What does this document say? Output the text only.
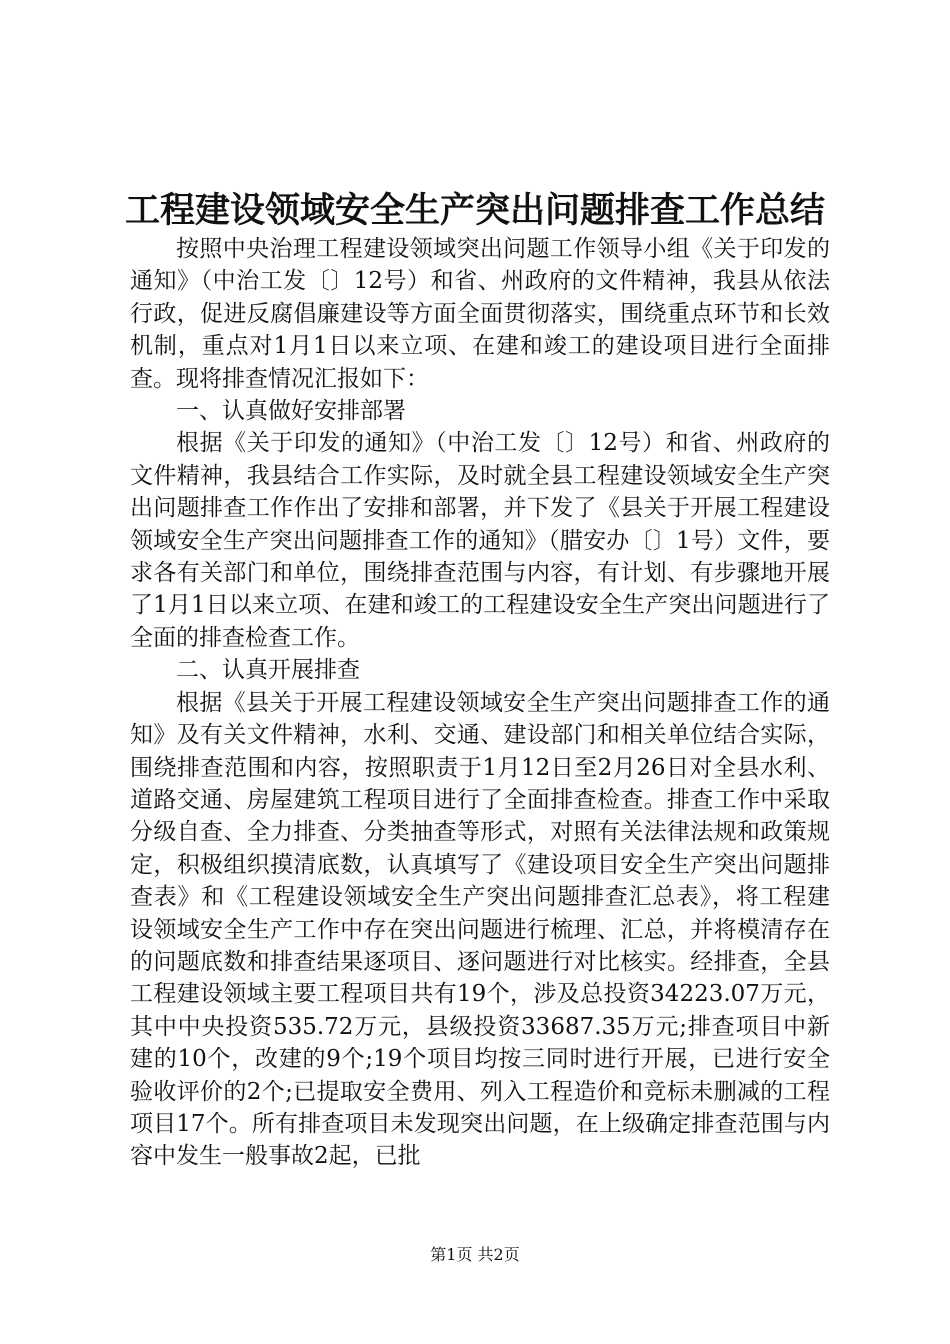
工程建设领域安全生产突出问题排查工作总结

按照中央治理工程建设领域突出问题工作领导小组《关于印发的通知》（中治工发〔〕12号）和省、州政府的文件精神，我县从依法行政，促进反腐倡廉建设等方面全面贯彻落实，围绕重点环节和长效机制，重点对1月1日以来立项、在建和竣工的建设项目进行全面排查。现将排查情况汇报如下：

一、认真做好安排部署

根据《关于印发的通知》（中治工发〔〕12号）和省、州政府的文件精神，我县结合工作实际，及时就全县工程建设领域安全生产突出问题排查工作作出了安排和部署，并下发了《县关于开展工程建设领域安全生产突出问题排查工作的通知》（腊安办〔〕1号）文件，要求各有关部门和单位，围绕排查范围与内容，有计划、有步骤地开展了1月1日以来立项、在建和竣工的工程建设安全生产突出问题进行了全面的排查检查工作。

二、认真开展排查

根据《县关于开展工程建设领域安全生产突出问题排查工作的通知》及有关文件精神，水利、交通、建设部门和相关单位结合实际，围绕排查范围和内容，按照职责于1月12日至2月26日对全县水利、道路交通、房屋建筑工程项目进行了全面排查检查。排查工作中采取分级自查、全力排查、分类抽查等形式，对照有关法律法规和政策规定，积极组织摸清底数，认真填写了《建设项目安全生产突出问题排查表》和《工程建设领域安全生产突出问题排查汇总表》，将工程建设领域安全生产工作中存在突出问题进行梳理、汇总，并将模清存在的问题底数和排查结果逐项目、逐问题进行对比核实。经排查，全县工程建设领域主要工程项目共有19个，涉及总投资34223.07万元，其中中央投资535.72万元，县级投资33687.35万元;排查项目中新建的10个，改建的9个;19个项目均按三同时进行开展，已进行安全验收评价的2个;已提取安全费用、列入工程造价和竞标未删减的工程项目17个。所有排查项目未发现突出问题，在上级确定排查范围与内容中发生一般事故2起，已批

第1页 共2页
